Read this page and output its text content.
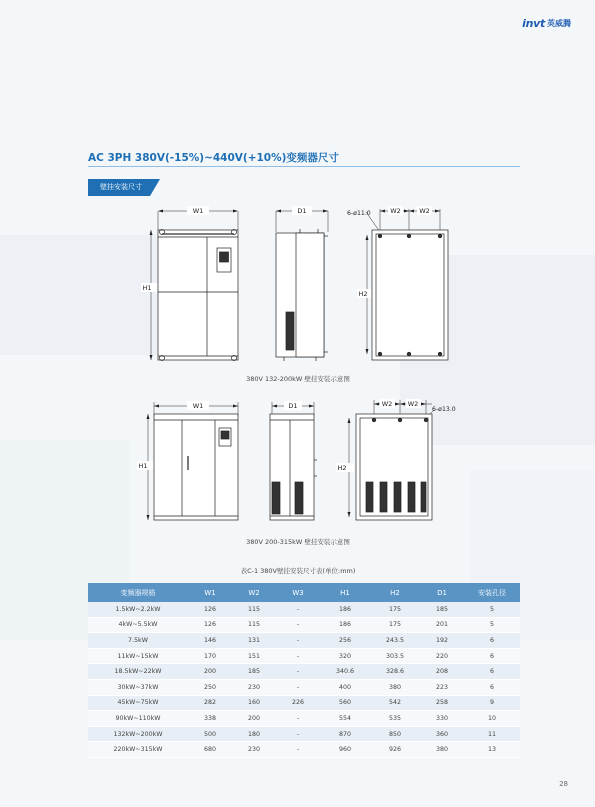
invt 英威腾
AC 3PH 380V(-15%)~440V(+10%)变频器尺寸
壁挂安装尺寸
W1
H1
D1	6-ø11.0	W2	W2
H2
W1
H1
D1	W2 W2
6-ø13.0
H2
380V 132-200kW 壁挂安装示意图
380V 200-315kW 壁挂安装示意图
表C-1 380V壁挂安装尺寸表(单位:mm)
变频器规格	W1	W2	W3	H1	H2	D1	安装孔径
1.5kW~2.2kW	126	115	-	186	175	185	5
4kW~5.5kW	126	115	-	186	175	201	5
7.5kW	146	131	-	256	243.5	192	6
11kW~15kW	170	151	-	320	303.5	220	6
18.5kW~22kW	200	185	-	340.6	328.6	208	6
30kW~37kW	250	230	-	400	380	223	6
45kW~75kW	282	160	226	560	542	258	9
90kW~110kW	338	200	-	554	535	330	10
132kW~200kW	500	180	-	870	850	360	11
220kW~315kW	680	230	-	960	926	380	13
28
